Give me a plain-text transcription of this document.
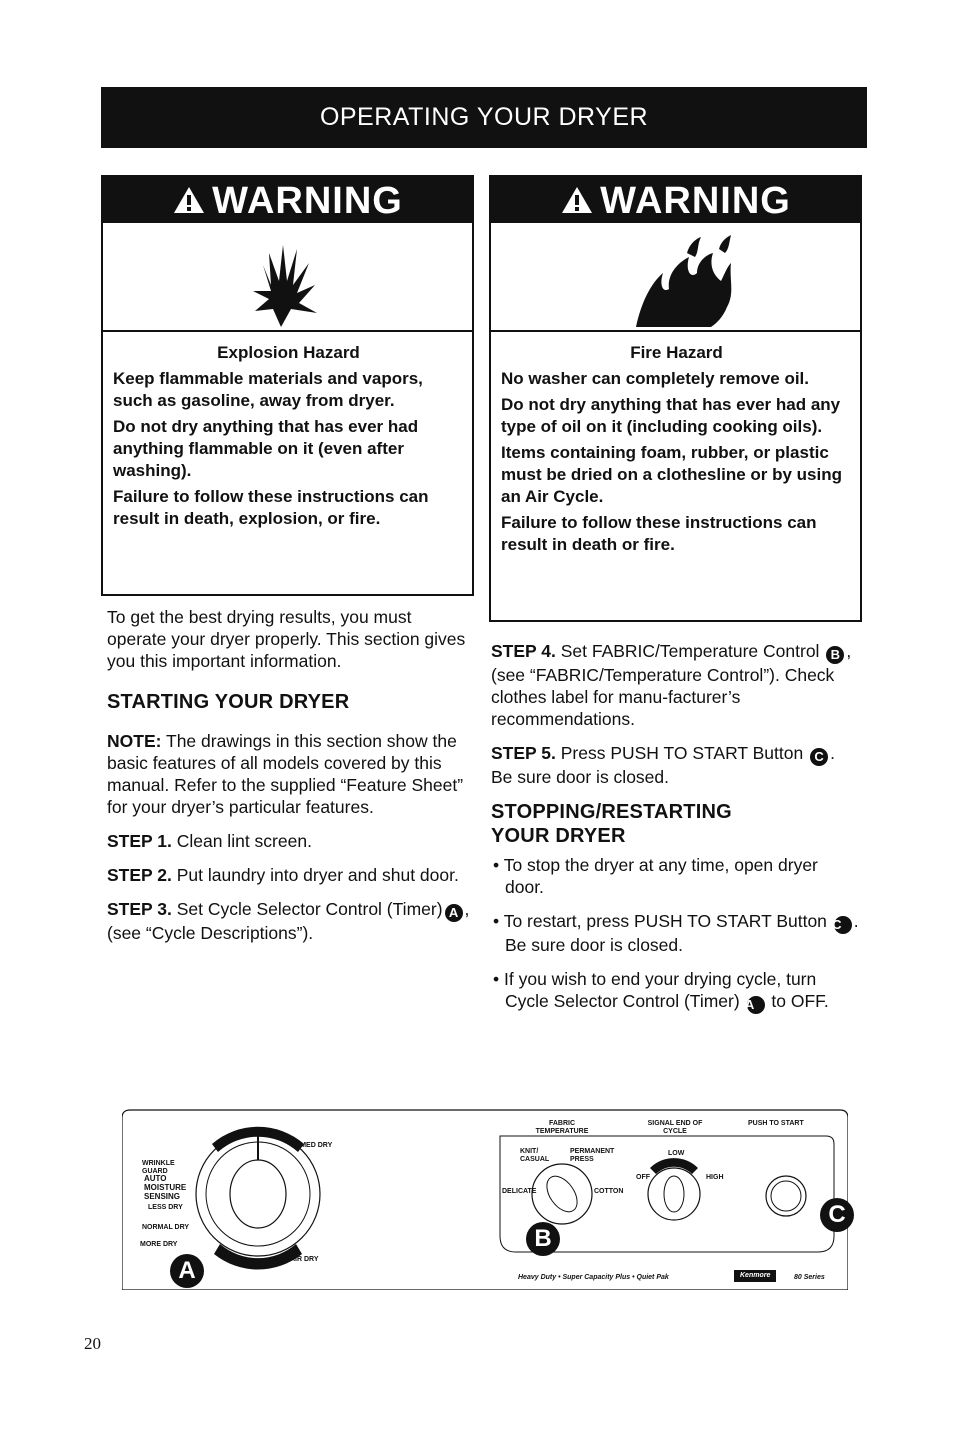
OPERATING YOUR DRYER
WARNING
Explosion Hazard

Keep flammable materials and vapors, such as gasoline, away from dryer.

Do not dry anything that has ever had anything flammable on it (even after washing).

Failure to follow these instructions can result in death, explosion, or fire.

WARNING
Fire Hazard

No washer can completely remove oil.

Do not dry anything that has ever had any type of oil on it (including cooking oils).

Items containing foam, rubber, or plastic must be dried on a clothesline or by using an Air Cycle.

Failure to follow these instructions can result in death or fire.

To get the best drying results, you must operate your dryer properly. This section gives you this important information.

STARTING YOUR DRYER

NOTE: The drawings in this section show the basic features of all models covered by this manual. Refer to the supplied “Feature Sheet” for your dryer’s particular features.

STEP 1. Clean lint screen.

STEP 2. Put laundry into dryer and shut door.

STEP 3. Set Cycle Selector Control (Timer) A , (see “Cycle Descriptions”).

STEP 4. Set FABRIC/Temperature Control B , (see “FABRIC/Temperature Control”). Check clothes label for manu-facturer’s recommendations.

STEP 5. Press PUSH TO START Button C . Be sure door is closed.

STOPPING/RESTARTING YOUR DRYER

• To stop the dryer at any time, open dryer door.

• To restart, press PUSH TO START Button C . Be sure door is closed.

• If you wish to end your drying cycle, turn Cycle Selector Control (Timer) A to OFF.

TIMED DRY
AIR DRY
WRINKLE GUARD
AUTO MOISTURE SENSING
LESS DRY
NORMAL DRY
MORE DRY
FABRIC TEMPERATURE
SIGNAL END OF CYCLE
PUSH TO START
KNIT/ CASUAL
PERMANENT PRESS
DELICATE	COTTON
OFF
LOW
HIGH
Heavy Duty • Super Capacity Plus • Quiet Pak	Kenmore	80 Series
A
B
C
20
